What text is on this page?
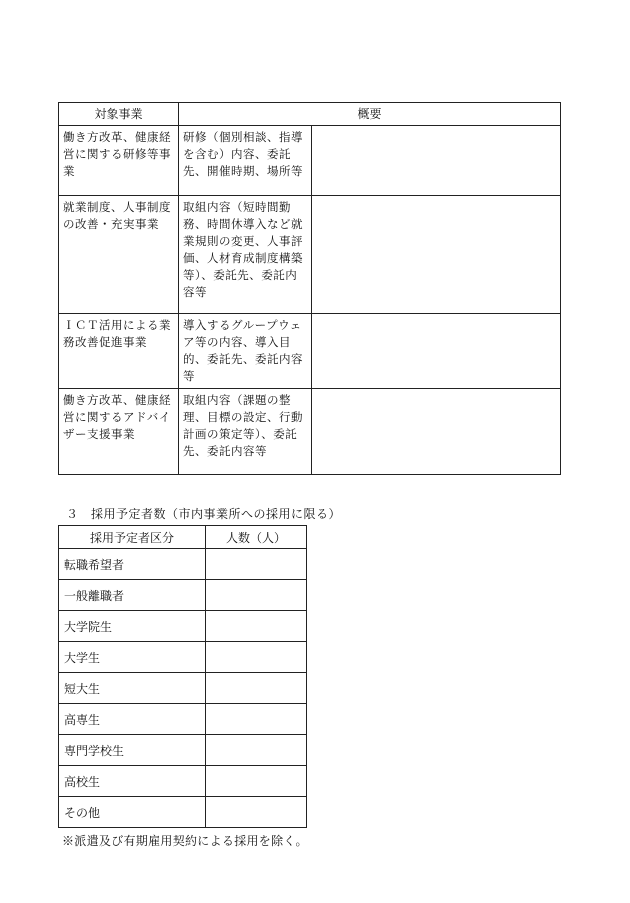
対象事業	概要	
働き方改革、健康経営に関する研修等事業	研修（個別相談、指導を含む）内容、委託先、開催時期、場所等	
就業制度、人事制度の改善・充実事業	取組内容（短時間勤務、時間休導入など就業規則の変更、人事評価、人材育成制度構築等）、委託先、委託内容等	
ＩＣＴ活用による業務改善促進事業	導入するグループウェア等の内容、導入目的、委託先、委託内容等	
働き方改革、健康経営に関するアドバイザー支援事業	取組内容（課題の整理、目標の設定、行動計画の策定等）、委託先、委託内容等	
３　採用予定者数（市内事業所への採用に限る）
採用予定者区分	人数（人）
転職希望者	
一般離職者	
大学院生	
大学生	
短大生	
高専生	
専門学校生	
高校生	
その他	
※派遣及び有期雇用契約による採用を除く。
